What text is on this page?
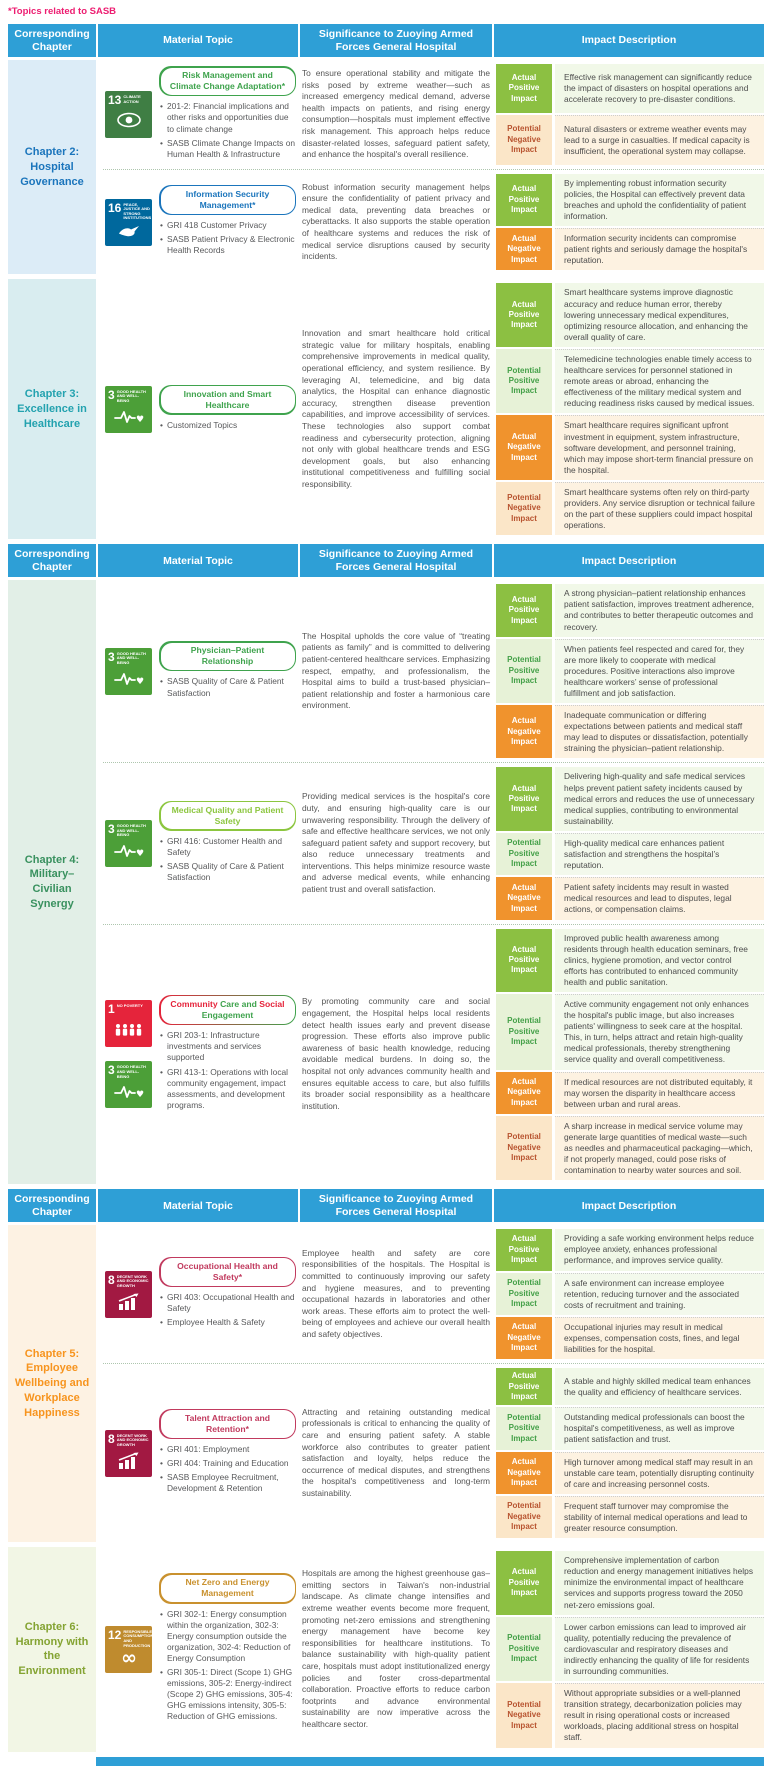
*Topics related to SASB
Corresponding Chapter
Material Topic
Significance to Zuoying Armed Forces General Hospital
Impact Description
Chapter 2: Hospital Governance
13 CLIMATE ACTION
Risk Management and Climate Change Adaptation*
• 201-2: Financial implications and other risks and opportunities due to climate change
• SASB Climate Change Impacts on Human Health & Infrastructure
To ensure operational stability and mitigate the risks posed by extreme weather—such as increased emergency medical demand, adverse health impacts on patients, and rising energy consumption—hospitals must implement effective risk management. This approach helps reduce disaster-related losses, safeguard patient safety, and enhance the hospital's overall resilience.
Actual Positive Impact
Effective risk management can significantly reduce the impact of disasters on hospital operations and accelerate recovery to pre-disaster conditions.
Potential Negative Impact
Natural disasters or extreme weather events may lead to a surge in casualties. If medical capacity is insufficient, the operational system may collapse.
16 PEACE, JUSTICE AND STRONG INSTITUTIONS
Information Security Management*
• GRI 418 Customer Privacy
• SASB Patient Privacy & Electronic Health Records
Robust information security management helps ensure the confidentiality of patient privacy and medical data, preventing data breaches or cyberattacks. It also supports the stable operation of healthcare systems and reduces the risk of medical service disruptions caused by security incidents.
Actual Positive Impact
By implementing robust information security policies, the Hospital can effectively prevent data breaches and uphold the confidentiality of patient information.
Actual Negative Impact
Information security incidents can compromise patient rights and seriously damage the hospital's reputation.
Chapter 3: Excellence in Healthcare
3 GOOD HEALTH AND WELL-BEING
♥
Innovation and Smart Healthcare
• Customized Topics
Innovation and smart healthcare hold critical strategic value for military hospitals, enabling comprehensive improvements in medical quality, operational efficiency, and system resilience. By leveraging AI, telemedicine, and big data analytics, the Hospital can enhance diagnostic accuracy, strengthen disease prevention capabilities, and improve accessibility of services. These technologies also support combat readiness and cybersecurity protection, aligning not only with global healthcare trends and ESG development goals, but also enhancing institutional competitiveness and fulfilling social responsibility.
Actual Positive Impact
Smart healthcare systems improve diagnostic accuracy and reduce human error, thereby lowering unnecessary medical expenditures, optimizing resource allocation, and enhancing the overall quality of care.
Potential Positive Impact
Telemedicine technologies enable timely access to healthcare services for personnel stationed in remote areas or abroad, enhancing the effectiveness of the military medical system and reducing readiness risks caused by medical issues.
Actual Negative Impact
Smart healthcare requires significant upfront investment in equipment, system infrastructure, software development, and personnel training, which may impose short-term financial pressure on the hospital.
Potential Negative Impact
Smart healthcare systems often rely on third-party providers. Any service disruption or technical failure on the part of these suppliers could impact hospital operations.
Corresponding Chapter
Material Topic
Significance to Zuoying Armed Forces General Hospital
Impact Description
Chapter 4: Military– Civilian Synergy
3 GOOD HEALTH AND WELL-BEING
♥
Physician–Patient Relationship
• SASB Quality of Care & Patient Satisfaction
The Hospital upholds the core value of “treating patients as family” and is committed to delivering patient-centered healthcare services. Emphasizing respect, empathy, and professionalism, the Hospital aims to build a trust-based physician–patient relationship and foster a harmonious care environment.
Actual Positive Impact
A strong physician–patient relationship enhances patient satisfaction, improves treatment adherence, and contributes to better therapeutic outcomes and recovery.
Potential Positive Impact
When patients feel respected and cared for, they are more likely to cooperate with medical procedures. Positive interactions also improve healthcare workers’ sense of professional fulfillment and job satisfaction.
Actual Negative Impact
Inadequate communication or differing expectations between patients and medical staff may lead to disputes or dissatisfaction, potentially straining the physician–patient relationship.
3 GOOD HEALTH AND WELL-BEING
♥
Medical Quality and Patient Safety
• GRI 416: Customer Health and Safety
• SASB Quality of Care & Patient Satisfaction
Providing medical services is the hospital's core duty, and ensuring high-quality care is our unwavering responsibility. Through the delivery of safe and effective healthcare services, we not only safeguard patient safety and support recovery, but also reduce unnecessary treatments and interventions. This helps minimize resource waste and adverse medical events, while enhancing patient trust and overall satisfaction.
Actual Positive Impact
Delivering high-quality and safe medical services helps prevent patient safety incidents caused by medical errors and reduces the use of unnecessary medical supplies, contributing to environmental sustainability.
Potential Positive Impact
High-quality medical care enhances patient satisfaction and strengthens the hospital’s reputation.
Actual Negative Impact
Patient safety incidents may result in wasted medical resources and lead to disputes, legal actions, or compensation claims.
1 NO POVERTY
3 GOOD HEALTH AND WELL-BEING
♥
Community Care and Social Engagement
• GRI 203-1: Infrastructure investments and services supported
• GRI 413-1: Operations with local community engagement, impact assessments, and development programs.
By promoting community care and social engagement, the Hospital helps local residents detect health issues early and prevent disease progression. These efforts also improve public awareness of basic health knowledge, reducing avoidable medical burdens. In doing so, the hospital not only advances community health and ensures equitable access to care, but also fulfills its broader social responsibility as a healthcare institution.
Actual Positive Impact
Improved public health awareness among residents through health education seminars, free clinics, hygiene promotion, and vector control efforts has contributed to enhanced community health and public sanitation.
Potential Positive Impact
Active community engagement not only enhances the hospital's public image, but also increases patients' willingness to seek care at the hospital. This, in turn, helps attract and retain high-quality medical professionals, thereby strengthening service quality and overall competitiveness.
Actual Negative Impact
If medical resources are not distributed equitably, it may worsen the disparity in healthcare access between urban and rural areas.
Potential Negative Impact
A sharp increase in medical service volume may generate large quantities of medical waste—such as needles and pharmaceutical packaging—which, if not properly managed, could pose risks of contamination to nearby water sources and soil.
Corresponding Chapter
Material Topic
Significance to Zuoying Armed Forces General Hospital
Impact Description
Chapter 5: Employee Wellbeing and Workplace Happiness
8 DECENT WORK AND ECONOMIC GROWTH
Occupational Health and Safety*
• GRI 403: Occupational Health and Safety
• Employee Health & Safety
Employee health and safety are core responsibilities of the hospitals. The Hospital is committed to continuously improving our safety and hygiene measures, and to preventing occupational hazards in laboratories and other work areas. These efforts aim to protect the well-being of employees and achieve our overall health and safety objectives.
Actual Positive Impact
Providing a safe working environment helps reduce employee anxiety, enhances professional performance, and improves service quality.
Potential Positive Impact
A safe environment can increase employee retention, reducing turnover and the associated costs of recruitment and training.
Actual Negative Impact
Occupational injuries may result in medical expenses, compensation costs, fines, and legal liabilities for the hospital.
8 DECENT WORK AND ECONOMIC GROWTH
Talent Attraction and Retention*
• GRI 401: Employment
• GRI 404: Training and Education
• SASB Employee Recruitment, Development & Retention
Attracting and retaining outstanding medical professionals is critical to enhancing the quality of care and ensuring patient safety. A stable workforce also contributes to greater patient satisfaction and loyalty, helps reduce the occurrence of medical disputes, and strengthens the hospital's competitiveness and long-term sustainability.
Actual Positive Impact
A stable and highly skilled medical team enhances the quality and efficiency of healthcare services.
Potential Positive Impact
Outstanding medical professionals can boost the hospital's competitiveness, as well as improve patient satisfaction and trust.
Actual Negative Impact
High turnover among medical staff may result in an unstable care team, potentially disrupting continuity of care and increasing personnel costs.
Potential Negative Impact
Frequent staff turnover may compromise the stability of internal medical operations and lead to greater resource consumption.
Chapter 6: Harmony with the Environment
12 RESPONSIBLE CONSUMPTION AND PRODUCTION
∞
Net Zero and Energy Management
• GRI 302-1: Energy consumption within the organization, 302-3: Energy consumption outside the organization, 302-4: Reduction of Energy Consumption
• GRI 305-1: Direct (Scope 1) GHG emissions, 305-2: Energy-indirect (Scope 2) GHG emissions, 305-4: GHG emissions intensity, 305-5: Reduction of GHG emissions.
Hospitals are among the highest greenhouse gas–emitting sectors in Taiwan's non-industrial landscape. As climate change intensifies and extreme weather events become more frequent, promoting net-zero emissions and strengthening energy management have become key responsibilities for healthcare institutions. To balance sustainability with high-quality patient care, hospitals must adopt institutionalized energy policies and foster cross-departmental collaboration. Proactive efforts to reduce carbon footprints and advance environmental sustainability are now imperative across the healthcare sector.
Actual Positive Impact
Comprehensive implementation of carbon reduction and energy management initiatives helps minimize the environmental impact of healthcare services and supports progress toward the 2050 net-zero emissions goal.
Potential Positive Impact
Lower carbon emissions can lead to improved air quality, potentially reducing the prevalence of cardiovascular and respiratory diseases and indirectly enhancing the quality of life for residents in surrounding communities.
Potential Negative Impact
Without appropriate subsidies or a well-planned transition strategy, decarbonization policies may result in rising operational costs or increased workloads, placing additional stress on hospital staff.
